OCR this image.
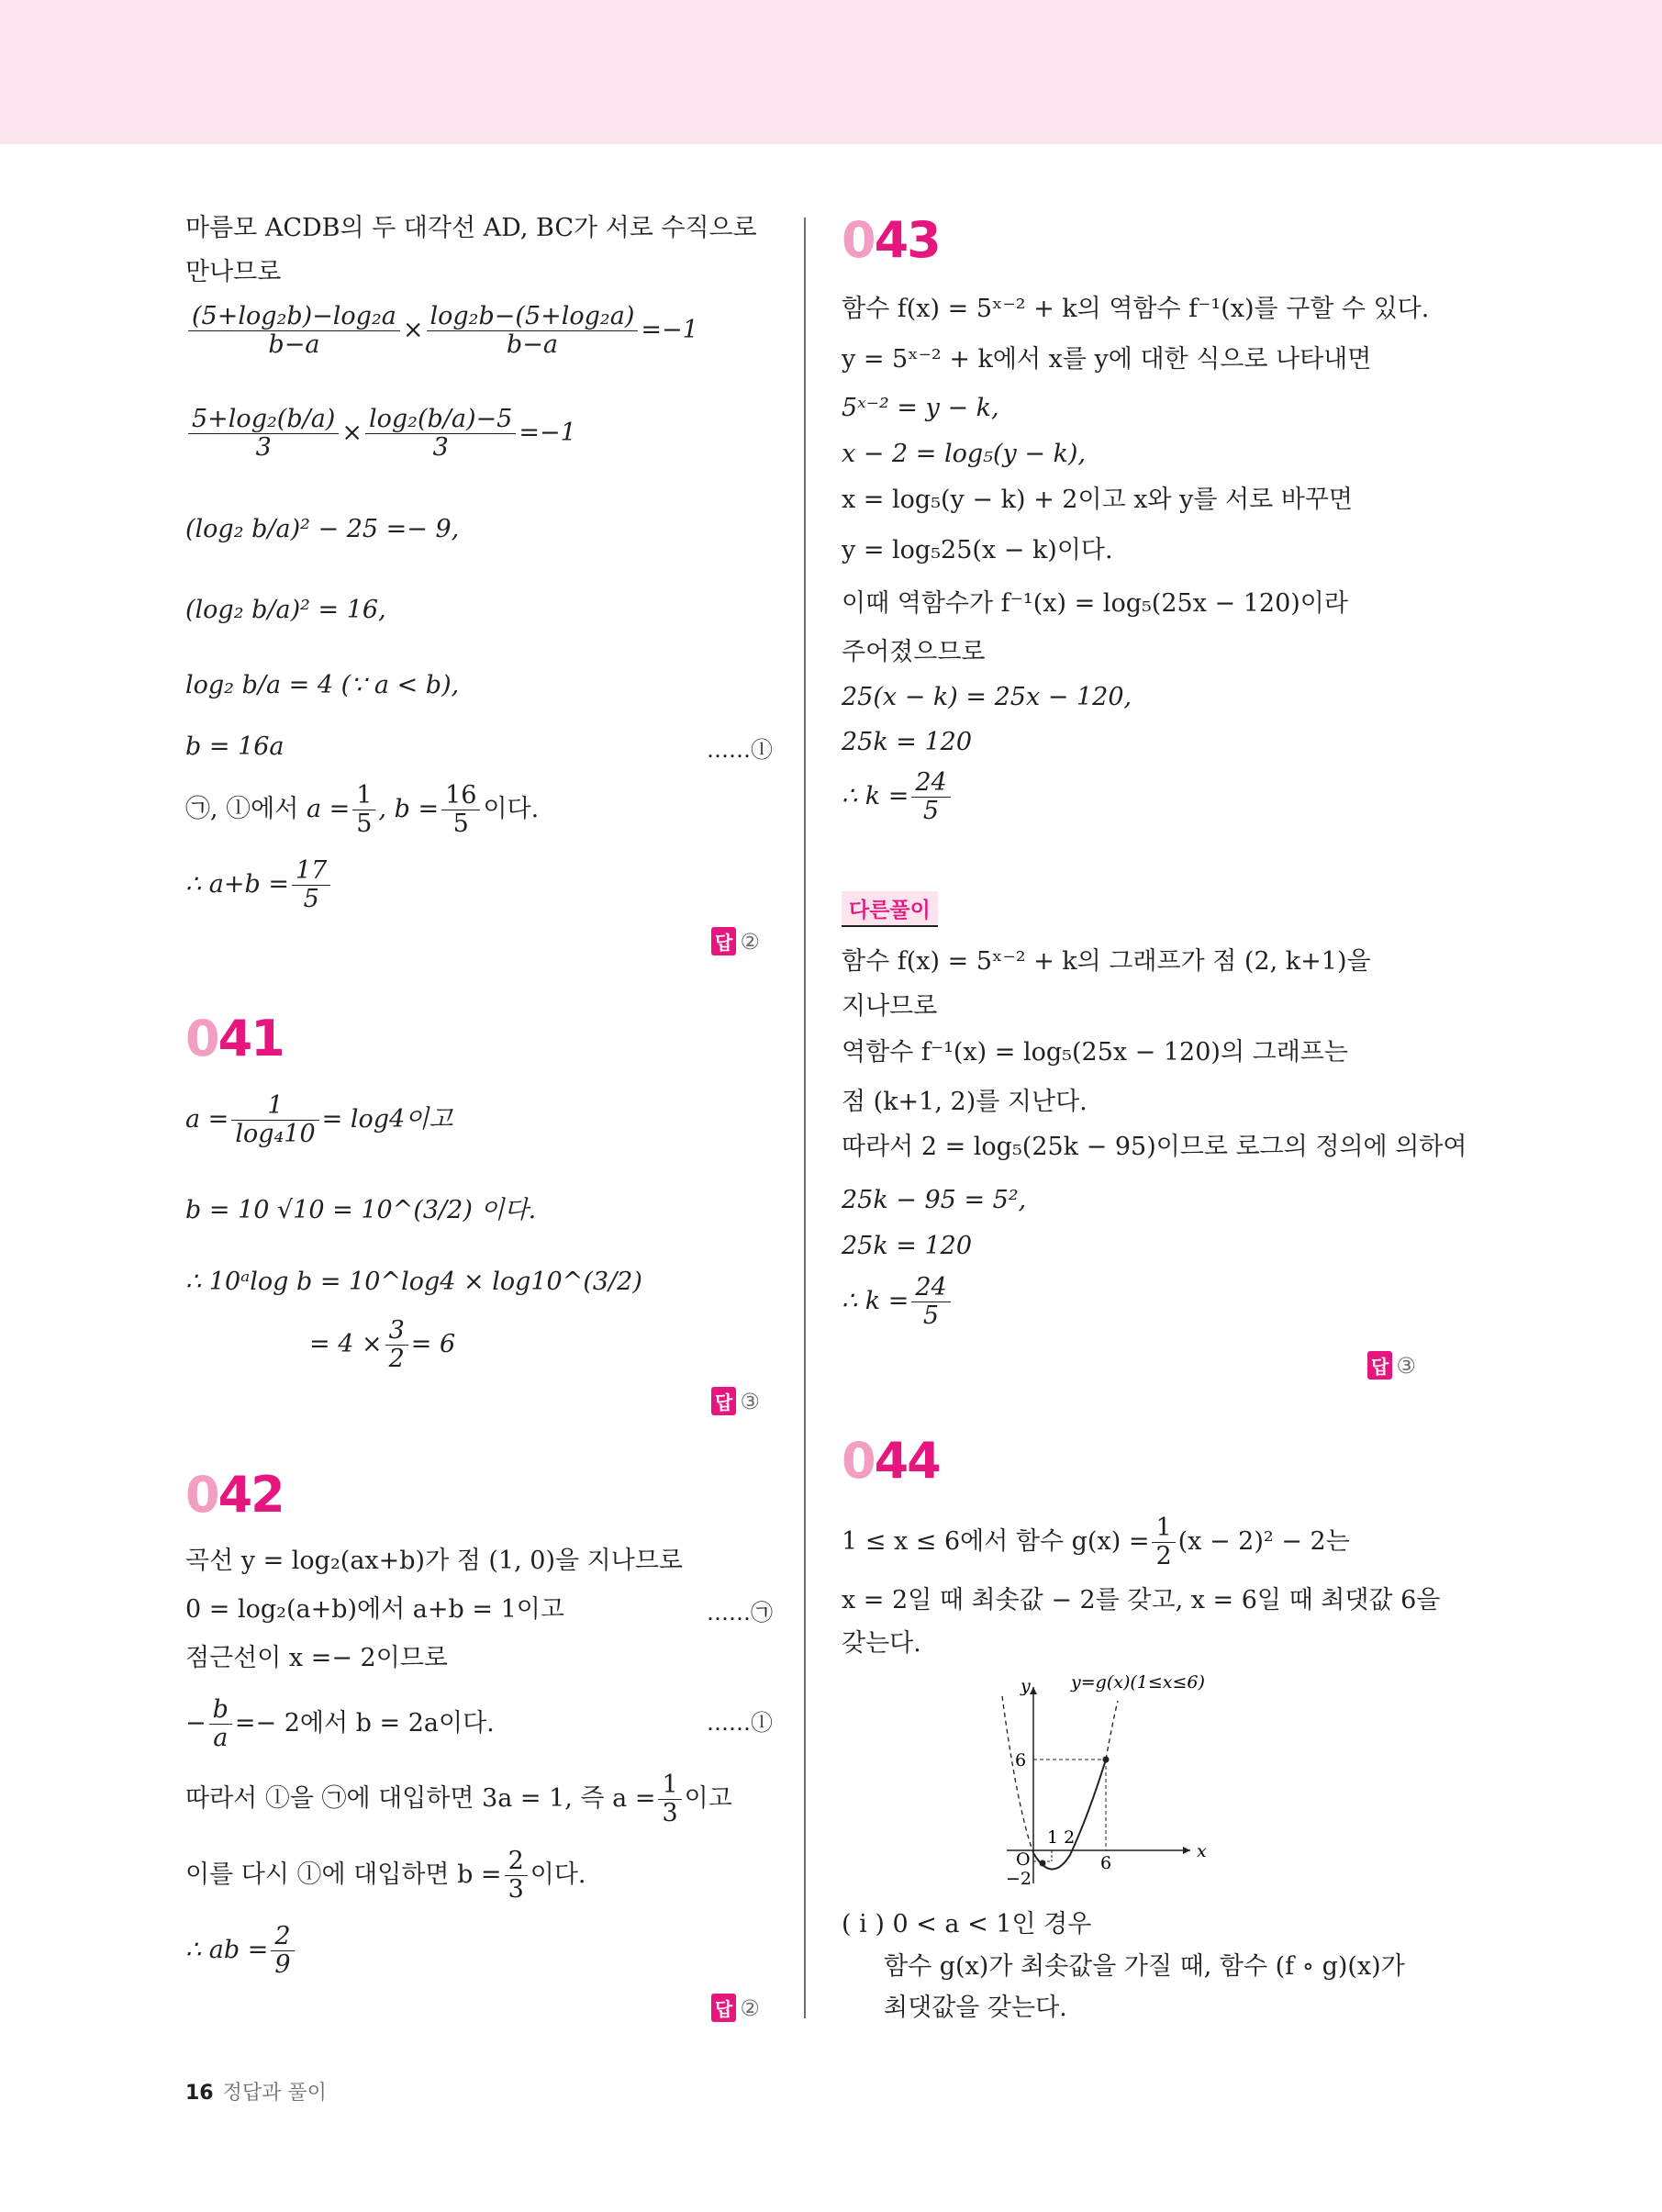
마름모 ACDB의 두 대각선 AD, BC가 서로 수직으로
만나므로
$\frac{\text{(5+log₂b)−log₂a}}{b-a} \times \frac{\text{log₂b−(5+log₂a)}}{b-a} =-1$
$\frac{\text{5+log₂(b/a)}}{3} \times \frac{\text{log₂(b/a)−5}}{3} =-1$
(log₂ b/a)² − 25 =− 9,
(log₂ b/a)² = 16,
log₂ b/a = 4 (∵ a < b),
b = 16a	……ⓛ
㉠, ⓛ에서 $a = \frac{1}{5}$ , $b = \frac{16}{5}$ 이다.
∴ $a+b = \frac{17}{5}$
답 ②
041
$a = \frac{1}{\text{log₄10}} = \log 4$이고
b = 10 √10 = 10^(3/2) 이다.
∴ 10ᵃlog b = 10^log4 × log10^(3/2)
= $4 \times \frac{3}{2} = 6$
답 ③
042
곡선 y = log₂(ax+b)가 점 (1, 0)을 지나므로
0 = log₂(a+b)에서 a+b = 1이고	……㉠
점근선이 x =− 2이므로
− $\frac{b}{a} =- 2$에서 b = 2a이다.	……ⓛ
따라서 ⓛ을 ㉠에 대입하면 3a = 1, 즉 $a = \frac{1}{3}$ 이고
이를 다시 ⓛ에 대입하면 $b = \frac{2}{3}$ 이다.
∴ ab = $\frac{2}{9}$
답 ②
043
함수 f(x) = 5ˣ⁻² + k의 역함수 f⁻¹(x)를 구할 수 있다.
y = 5ˣ⁻² + k에서 x를 y에 대한 식으로 나타내면
5ˣ⁻² = y − k,
x − 2 = log₅(y − k),
x = log₅(y − k) + 2이고 x와 y를 서로 바꾸면
y = log₅25(x − k)이다.
이때 역함수가 f⁻¹(x) = log₅(25x − 120)이라
주어졌으므로
25(x − k) = 25x − 120,
25k = 120
∴ $k = \frac{24}{5}$
다른풀이
함수 f(x) = 5ˣ⁻² + k의 그래프가 점 (2, k+1)을
지나므로
역함수 f⁻¹(x) = log₅(25x − 120)의 그래프는
점 (k+1, 2)를 지난다.
따라서 2 = log₅(25k − 95)이므로 로그의 정의에 의하여
25k − 95 = 5²,
25k = 120
∴ $k = \frac{24}{5}$
답 ③
044
1 ≤ x ≤ 6에서 함수 $g(x) = \frac{1}{2} (x - 2)^2 - 2$는
x = 2일 때 최솟값 − 2를 갖고, x = 6일 때 최댓값 6을
갖는다.
y
x
y=g(x)(1≤x≤6)
6
1 2
6
O
−2
( i ) 0 < a < 1인 경우
함수 g(x)가 최솟값을 가질 때, 함수 (f ∘ g)(x)가
최댓값을 갖는다.
16 정답과 풀이
